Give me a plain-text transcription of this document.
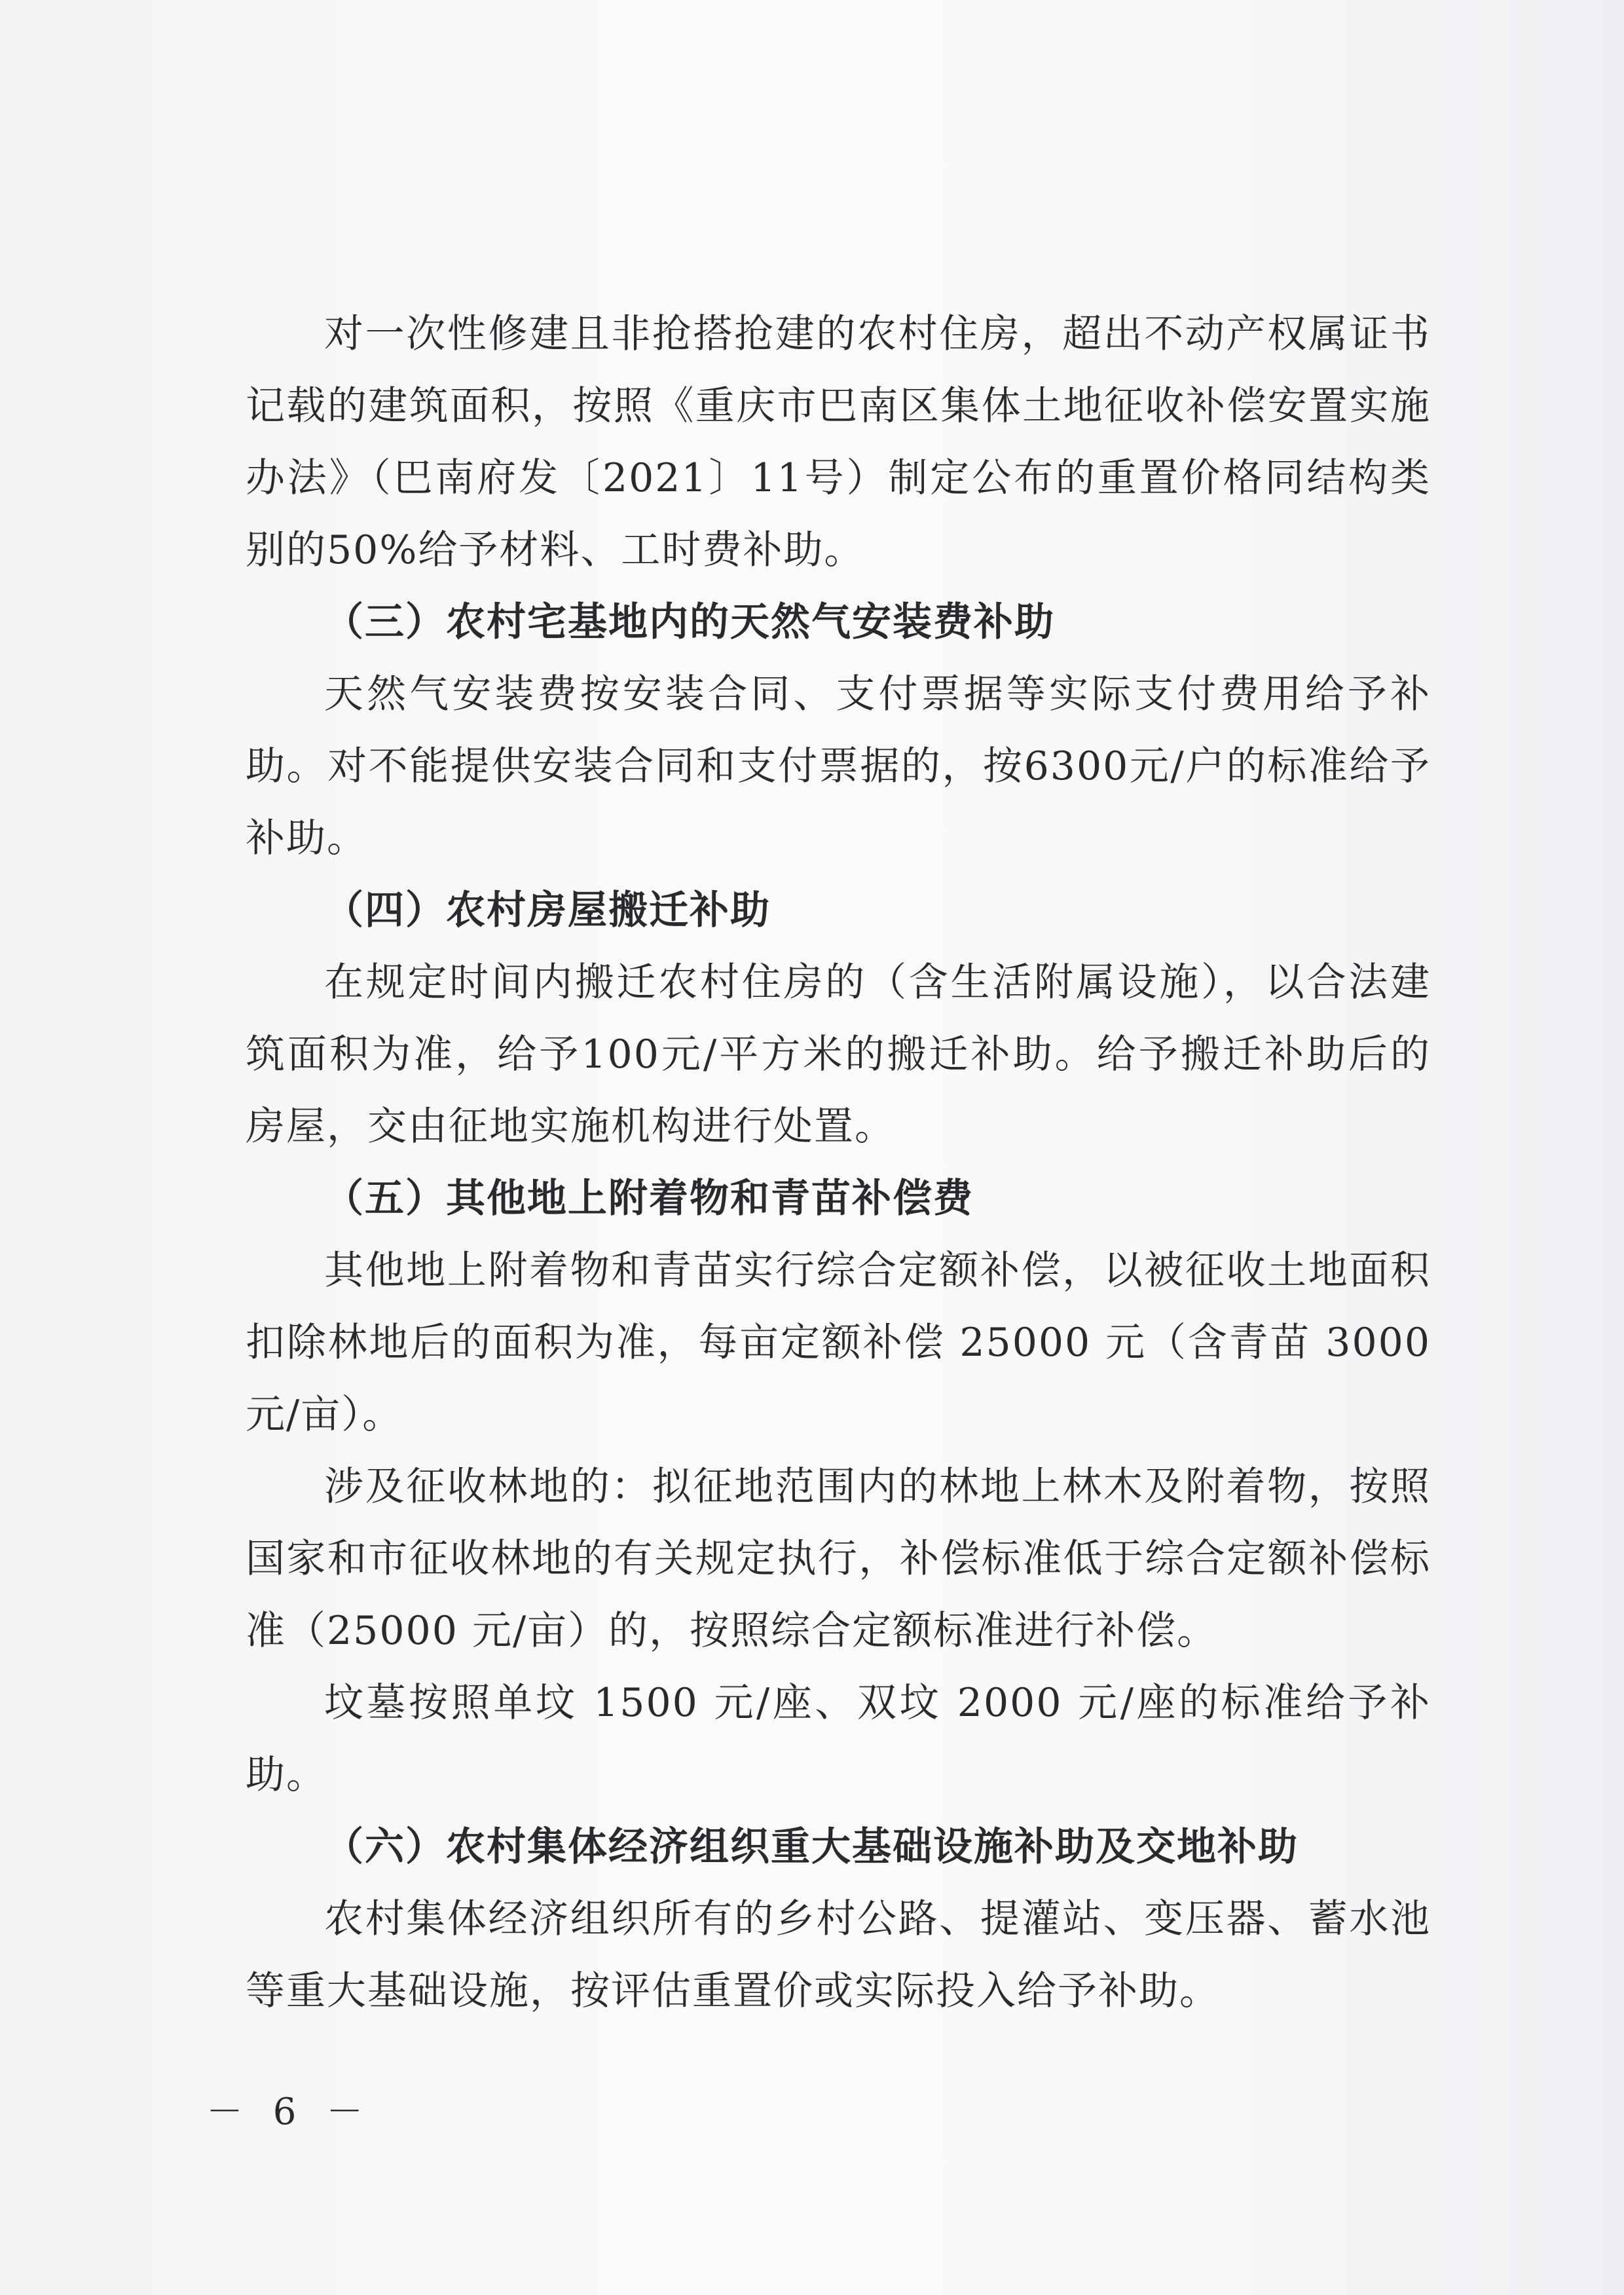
对一次性修建且非抢搭抢建的农村住房，超出不动产权属证书记载的建筑面积，按照《重庆市巴南区集体土地征收补偿安置实施办法》（巴南府发〔2021〕11号）制定公布的重置价格同结构类别的50%给予材料、工时费补助。

（三）农村宅基地内的天然气安装费补助

天然气安装费按安装合同、支付票据等实际支付费用给予补助。对不能提供安装合同和支付票据的，按6300元/户的标准给予补助。

（四）农村房屋搬迁补助

在规定时间内搬迁农村住房的（含生活附属设施），以合法建筑面积为准，给予100元/平方米的搬迁补助。给予搬迁补助后的房屋，交由征地实施机构进行处置。

（五）其他地上附着物和青苗补偿费

其他地上附着物和青苗实行综合定额补偿，以被征收土地面积扣除林地后的面积为准，每亩定额补偿 25000 元（含青苗 3000 元/亩）。

涉及征收林地的：拟征地范围内的林地上林木及附着物，按照国家和市征收林地的有关规定执行，补偿标准低于综合定额补偿标准（25000 元/亩）的，按照综合定额标准进行补偿。

坟墓按照单坟 1500 元/座、双坟 2000 元/座的标准给予补助。

（六）农村集体经济组织重大基础设施补助及交地补助

农村集体经济组织所有的乡村公路、提灌站、变压器、蓄水池等重大基础设施，按评估重置价或实际投入给予补助。

－ 6 －
